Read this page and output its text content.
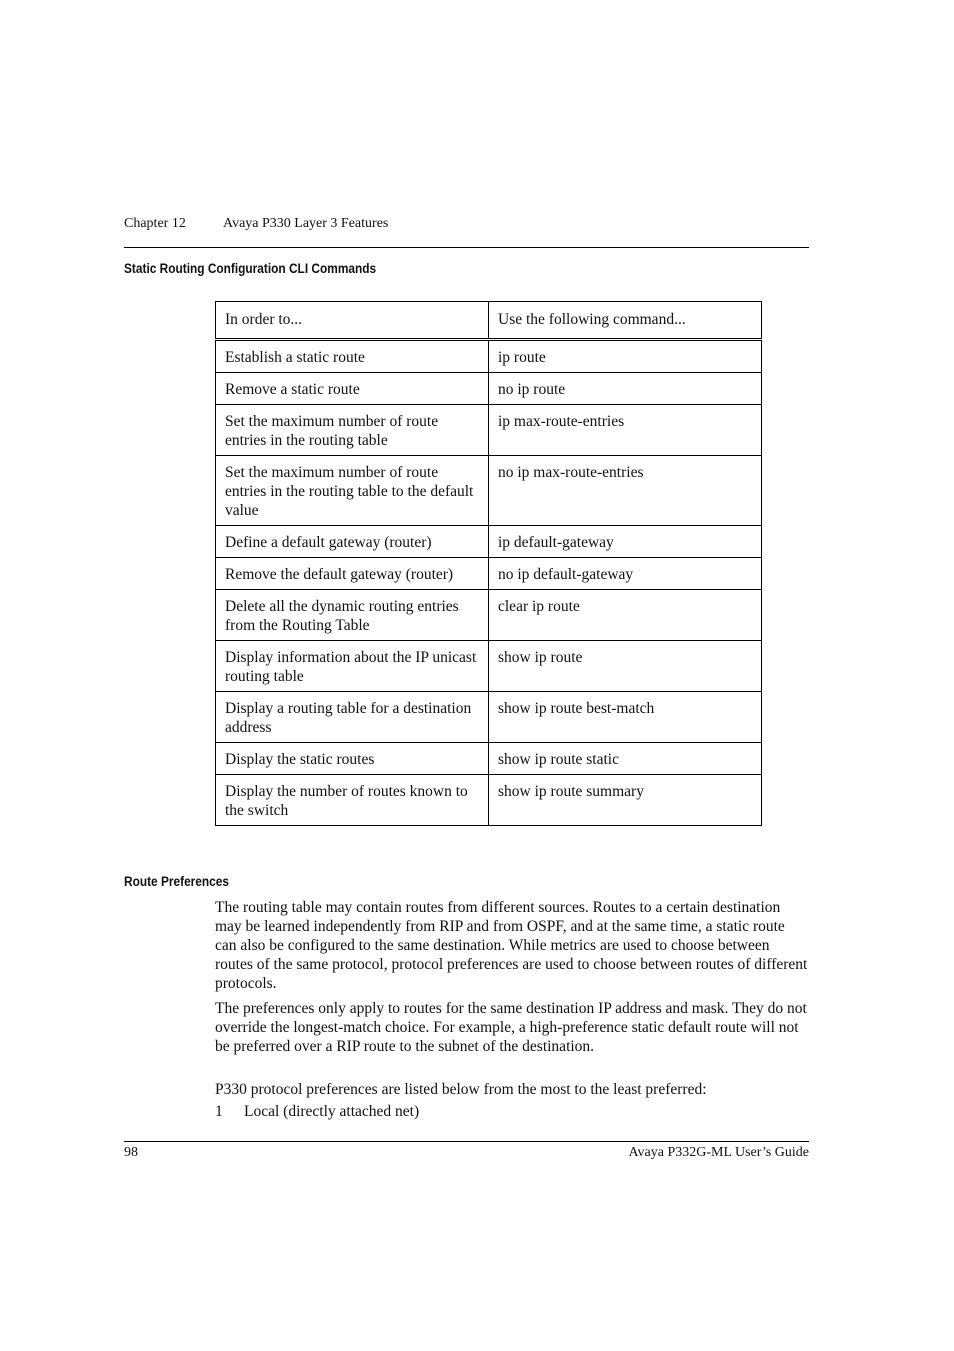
Chapter 12	Avaya P330 Layer 3 Features
Static Routing Configuration CLI Commands
In order to...	Use the following command...
Establish a static route	ip route
Remove a static route	no ip route
Set the maximum number of route entries in the routing table	ip max-route-entries
Set the maximum number of route entries in the routing table to the default value	no ip max-route-entries
Define a default gateway (router)	ip default-gateway
Remove the default gateway (router)	no ip default-gateway
Delete all the dynamic routing entries from the Routing Table	clear ip route
Display information about the IP unicast routing table	show ip route
Display a routing table for a destination address	show ip route best-match
Display the static routes	show ip route static
Display the number of routes known to the switch	show ip route summary
Route Preferences

The routing table may contain routes from different sources. Routes to a certain destination may be learned independently from RIP and from OSPF, and at the same time, a static route can also be configured to the same destination. While metrics are used to choose between routes of the same protocol, protocol preferences are used to choose between routes of different protocols.

The preferences only apply to routes for the same destination IP address and mask. They do not override the longest-match choice. For example, a high-preference static default route will not be preferred over a RIP route to the subnet of the destination.

P330 protocol preferences are listed below from the most to the least preferred:

1 Local (directly attached net)
98	Avaya P332G-ML User’s Guide
